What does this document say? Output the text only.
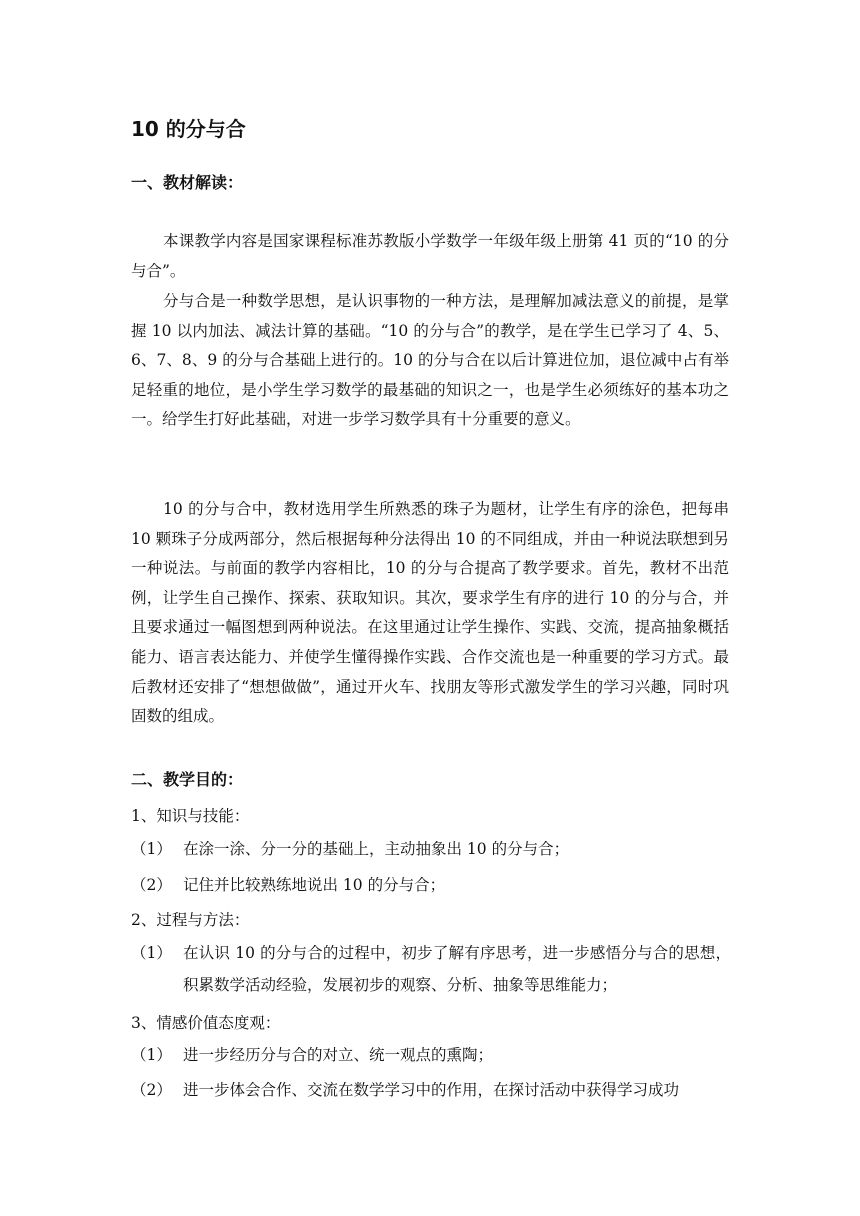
10 的分与合
一、教材解读：

本课教学内容是国家课程标准苏教版小学数学一年级年级上册第 41 页的“10 的分与合”。

分与合是一种数学思想，是认识事物的一种方法，是理解加减法意义的前提，是掌握 10 以内加法、减法计算的基础。“10 的分与合”的教学，是在学生已学习了 4、5、6、7、8、9 的分与合基础上进行的。10 的分与合在以后计算进位加，退位减中占有举足轻重的地位，是小学生学习数学的最基础的知识之一，也是学生必须练好的基本功之一。给学生打好此基础，对进一步学习数学具有十分重要的意义。

10 的分与合中，教材选用学生所熟悉的珠子为题材，让学生有序的涂色，把每串 10 颗珠子分成两部分，然后根据每种分法得出 10 的不同组成，并由一种说法联想到另一种说法。与前面的教学内容相比，10 的分与合提高了教学要求。首先，教材不出范例，让学生自己操作、探索、获取知识。其次，要求学生有序的进行 10 的分与合，并且要求通过一幅图想到两种说法。在这里通过让学生操作、实践、交流，提高抽象概括能力、语言表达能力、并使学生懂得操作实践、合作交流也是一种重要的学习方式。最后教材还安排了“想想做做”，通过开火车、找朋友等形式激发学生的学习兴趣，同时巩固数的组成。

二、教学目的：

1、知识与技能：

（1） 在涂一涂、分一分的基础上，主动抽象出 10 的分与合；
（2） 记住并比较熟练地说出 10 的分与合；

2、过程与方法：

（1） 在认识 10 的分与合的过程中，初步了解有序思考，进一步感悟分与合的思想，积累数学活动经验，发展初步的观察、分析、抽象等思维能力；

3、情感价值态度观：

（1） 进一步经历分与合的对立、统一观点的熏陶；
（2） 进一步体会合作、交流在数学学习中的作用，在探讨活动中获得学习成功
